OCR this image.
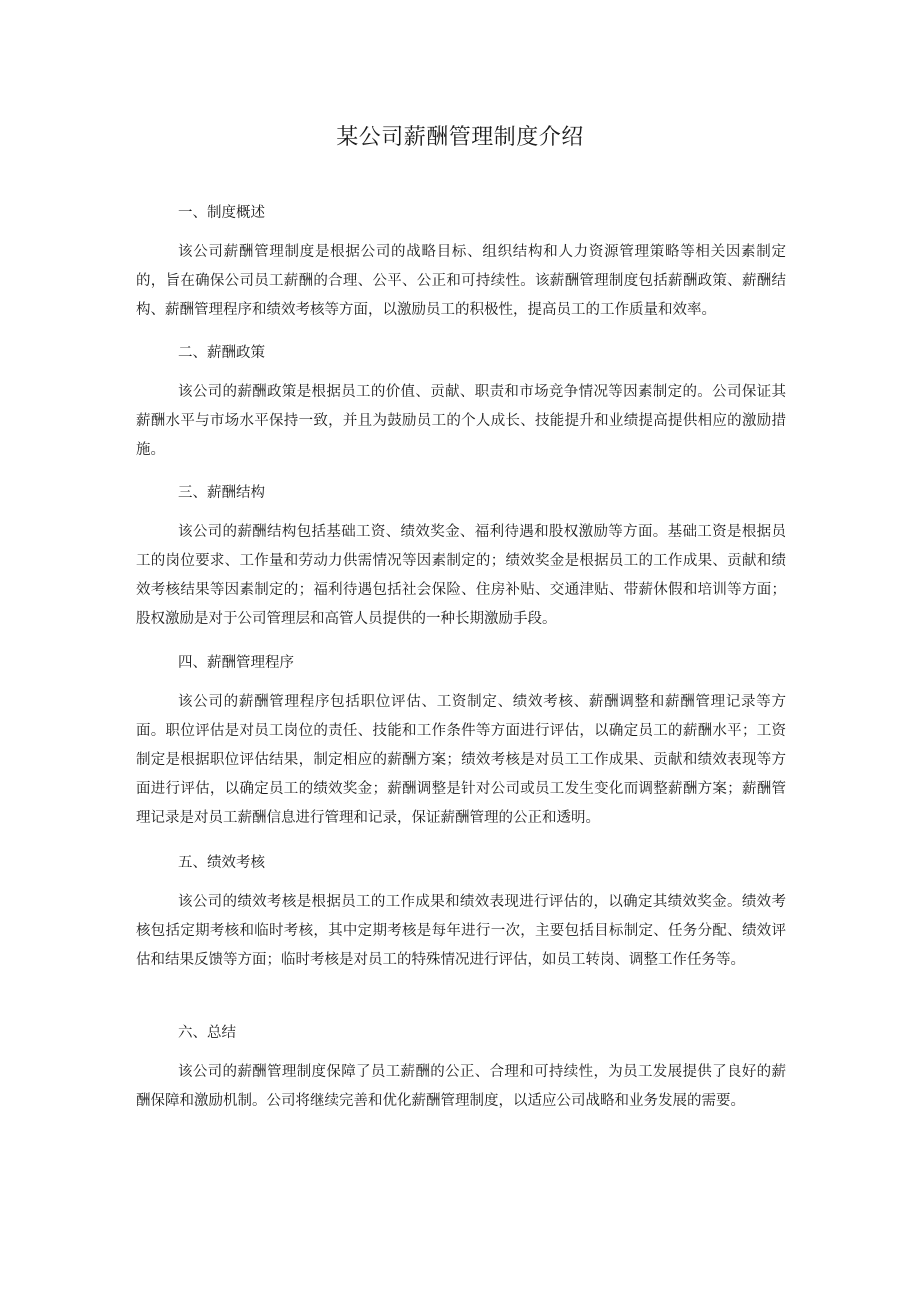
某公司薪酬管理制度介绍
一、制度概述

该公司薪酬管理制度是根据公司的战略目标、组织结构和人力资源管理策略等相关因素制定的，旨在确保公司员工薪酬的合理、公平、公正和可持续性。该薪酬管理制度包括薪酬政策、薪酬结构、薪酬管理程序和绩效考核等方面，以激励员工的积极性，提高员工的工作质量和效率。

二、薪酬政策

该公司的薪酬政策是根据员工的价值、贡献、职责和市场竞争情况等因素制定的。公司保证其薪酬水平与市场水平保持一致，并且为鼓励员工的个人成长、技能提升和业绩提高提供相应的激励措施。

三、薪酬结构

该公司的薪酬结构包括基础工资、绩效奖金、福利待遇和股权激励等方面。基础工资是根据员工的岗位要求、工作量和劳动力供需情况等因素制定的；绩效奖金是根据员工的工作成果、贡献和绩效考核结果等因素制定的；福利待遇包括社会保险、住房补贴、交通津贴、带薪休假和培训等方面；股权激励是对于公司管理层和高管人员提供的一种长期激励手段。

四、薪酬管理程序

该公司的薪酬管理程序包括职位评估、工资制定、绩效考核、薪酬调整和薪酬管理记录等方面。职位评估是对员工岗位的责任、技能和工作条件等方面进行评估，以确定员工的薪酬水平；工资制定是根据职位评估结果，制定相应的薪酬方案；绩效考核是对员工工作成果、贡献和绩效表现等方面进行评估，以确定员工的绩效奖金；薪酬调整是针对公司或员工发生变化而调整薪酬方案；薪酬管理记录是对员工薪酬信息进行管理和记录，保证薪酬管理的公正和透明。

五、绩效考核

该公司的绩效考核是根据员工的工作成果和绩效表现进行评估的，以确定其绩效奖金。绩效考核包括定期考核和临时考核，其中定期考核是每年进行一次，主要包括目标制定、任务分配、绩效评估和结果反馈等方面；临时考核是对员工的特殊情况进行评估，如员工转岗、调整工作任务等。

六、总结

该公司的薪酬管理制度保障了员工薪酬的公正、合理和可持续性，为员工发展提供了良好的薪酬保障和激励机制。公司将继续完善和优化薪酬管理制度，以适应公司战略和业务发展的需要。
